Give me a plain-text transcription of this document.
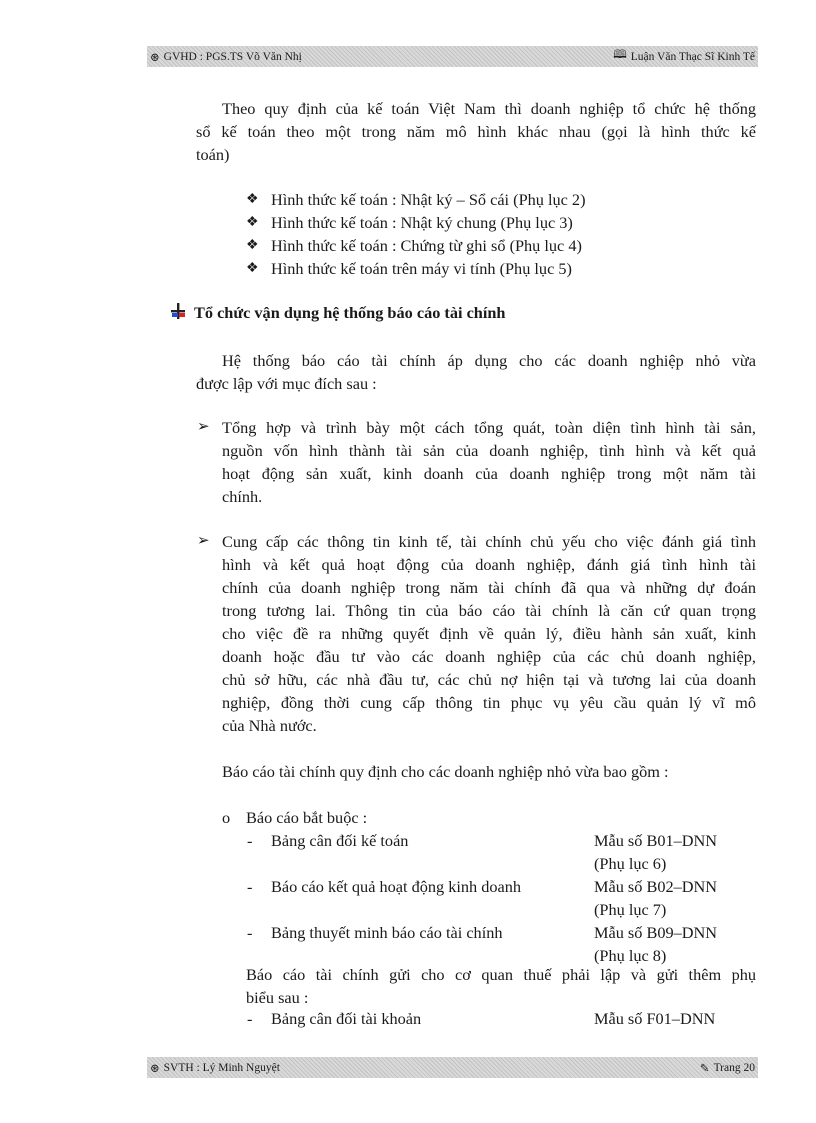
⊛ GVHD : PGS.TS Võ Văn Nhị	🕮 Luận Văn Thạc Sĩ Kinh Tế
Theo quy định của kế toán Việt Nam thì doanh nghiệp tổ chức hệ thống
sổ kế toán theo một trong năm mô hình khác nhau (gọi là hình thức kế
toán)
❖ Hình thức kế toán : Nhật ký – Sổ cái (Phụ lục 2)
❖ Hình thức kế toán : Nhật ký chung (Phụ lục 3)
❖ Hình thức kế toán : Chứng từ ghi sổ (Phụ lục 4)
❖ Hình thức kế toán trên máy vi tính (Phụ lục 5)
Tổ chức vận dụng hệ thống báo cáo tài chính
Hệ thống báo cáo tài chính áp dụng cho các doanh nghiệp nhỏ vừa
được lập với mục đích sau :
➢ Tổng hợp và trình bày một cách tổng quát, toàn diện tình hình tài sản,
nguồn vốn hình thành tài sản của doanh nghiệp, tình hình và kết quả
hoạt động sản xuất, kinh doanh của doanh nghiệp trong một năm tài
chính.
➢ Cung cấp các thông tin kinh tế, tài chính chủ yếu cho việc đánh giá tình
hình và kết quả hoạt động của doanh nghiệp, đánh giá tình hình tài
chính của doanh nghiệp trong năm tài chính đã qua và những dự đoán
trong tương lai. Thông tin của báo cáo tài chính là căn cứ quan trọng
cho việc đề ra những quyết định về quản lý, điều hành sản xuất, kinh
doanh hoặc đầu tư vào các doanh nghiệp của các chủ doanh nghiệp,
chủ sở hữu, các nhà đầu tư, các chủ nợ hiện tại và tương lai của doanh
nghiệp, đồng thời cung cấp thông tin phục vụ yêu cầu quản lý vĩ mô
của Nhà nước.
Báo cáo tài chính quy định cho các doanh nghiệp nhỏ vừa bao gồm :
o Báo cáo bắt buộc :
- Bảng cân đối kế toán	Mẫu số B01–DNN
(Phụ lục 6)
- Báo cáo kết quả hoạt động kinh doanh	Mẫu số B02–DNN
(Phụ lục 7)
- Bảng thuyết minh báo cáo tài chính	Mẫu số B09–DNN
(Phụ lục 8)
Báo cáo tài chính gửi cho cơ quan thuế phải lập và gửi thêm phụ
biểu sau :
- Bảng cân đối tài khoản	Mẫu số F01–DNN
⊛ SVTH : Lý Minh Nguyệt	✎ Trang 20
